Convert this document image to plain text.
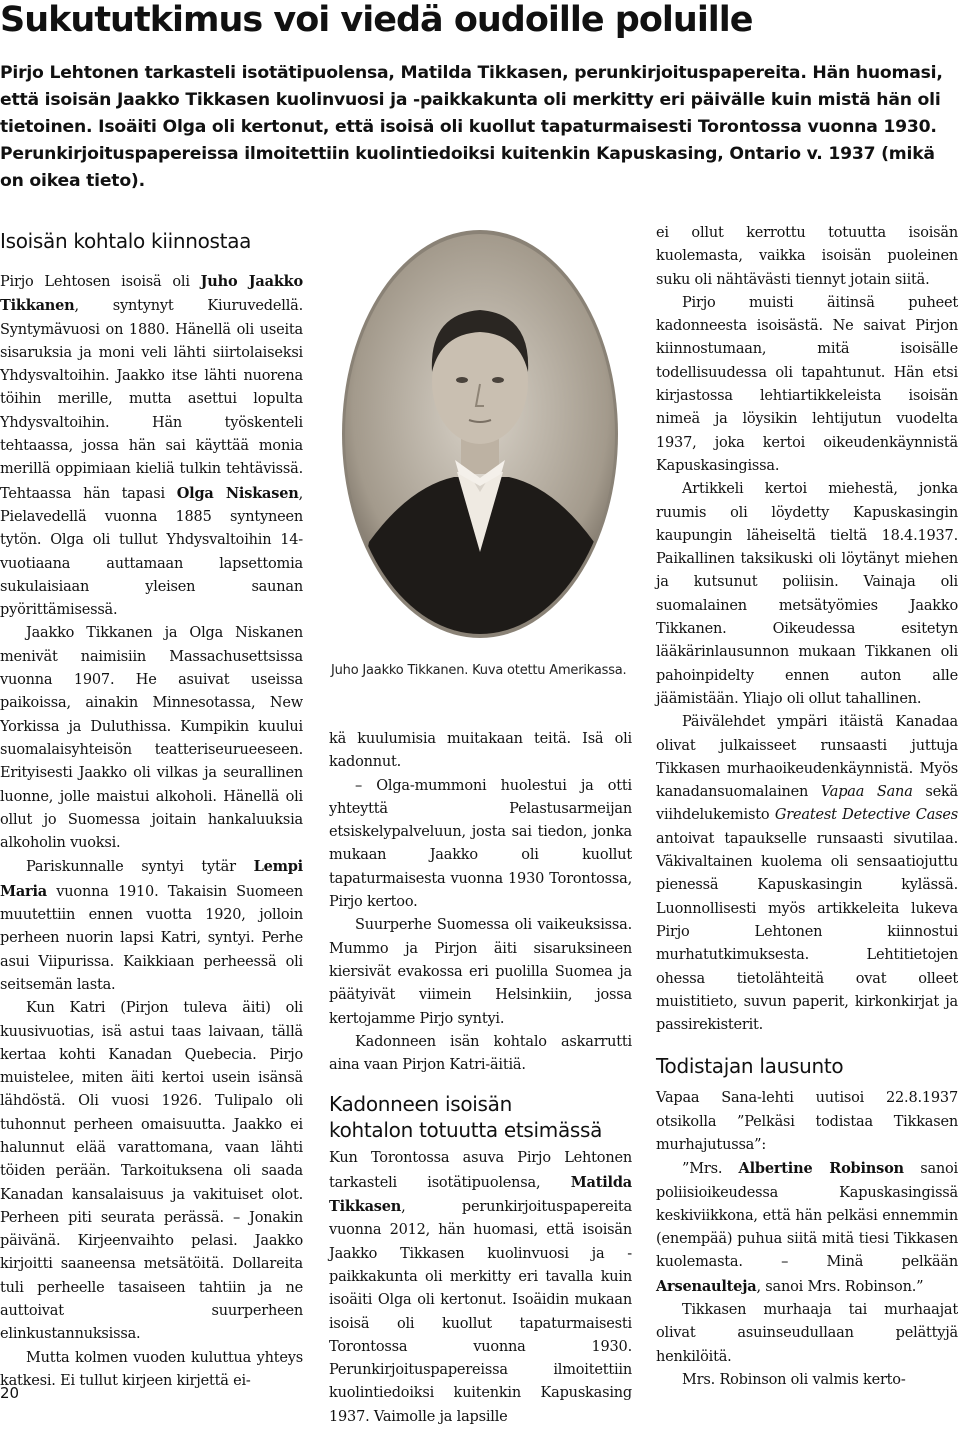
Sukututkimus voi viedä oudoille poluille

Pirjo Lehtonen tarkasteli isotätipuolensa, Matilda Tikkasen, perunkirjoituspapereita. Hän huomasi, että isoisän Jaakko Tikkasen kuolinvuosi ja -paikkakunta oli merkitty eri päivälle kuin mistä hän oli tietoinen. Isoäiti Olga oli kertonut, että isoisä oli kuollut tapaturmaisesti Torontossa vuonna 1930. Perunkirjoituspapereissa ilmoitettiin kuolintiedoiksi kuitenkin Kapuskasing, Ontario v. 1937 (mikä on oikea tieto).

Isoisän kohtalo kiinnostaa

Pirjo Lehtosen isoisä oli Juho Jaakko Tikkanen, syntynyt Kiuruvedellä. Syntymävuosi on 1880. Hänellä oli useita sisaruksia ja moni veli lähti siirtolaiseksi Yhdysvaltoihin. Jaakko itse lähti nuorena töihin merille, mutta asettui lopulta Yhdysvaltoihin. Hän työskenteli tehtaassa, jossa hän sai käyttää monia merillä oppimiaan kieliä tulkin tehtävissä. Tehtaassa hän tapasi Olga Niskasen, Pielavedellä vuonna 1885 syntyneen tytön. Olga oli tullut Yhdysvaltoihin 14-vuotiaana auttamaan lapsettomia sukulaisiaan yleisen saunan pyörittämisessä.

Jaakko Tikkanen ja Olga Niskanen menivät naimisiin Massachusettsissa vuonna 1907. He asuivat useissa paikoissa, ainakin Minnesotassa, New Yorkissa ja Duluthissa. Kumpikin kuului suomalaisyhteisön teatteriseurueeseen. Erityisesti Jaakko oli vilkas ja seurallinen luonne, jolle maistui alkoholi. Hänellä oli ollut jo Suomessa joitain hankaluuksia alkoholin vuoksi.

Pariskunnalle syntyi tytär Lempi Maria vuonna 1910. Takaisin Suomeen muutettiin ennen vuotta 1920, jolloin perheen nuorin lapsi Katri, syntyi. Perhe asui Viipurissa. Kaikkiaan perheessä oli seitsemän lasta.

Kun Katri (Pirjon tuleva äiti) oli kuusivuotias, isä astui taas laivaan, tällä kertaa kohti Kanadan Quebecia. Pirjo muistelee, miten äiti kertoi usein isänsä lähdöstä. Oli vuosi 1926. Tulipalo oli tuhonnut perheen omaisuutta. Jaakko ei halunnut elää varattomana, vaan lähti töiden perään. Tarkoituksena oli saada Kanadan kansalaisuus ja vakituiset olot. Perheen piti seurata perässä. – Jonakin päivänä. Kirjeenvaihto pelasi. Jaakko kirjoitti saaneensa metsätöitä. Dollareita tuli perheelle tasaiseen tahtiin ja ne auttoivat suurperheen elinkustannuksissa.

Mutta kolmen vuoden kuluttua yhteys katkesi. Ei tullut kirjeen kirjettä ei-

Juho Jaakko Tikkanen. Kuva otettu Amerikassa.

kä kuulumisia muitakaan teitä. Isä oli kadonnut.

– Olga-mummoni huolestui ja otti yhteyttä Pelastusarmeijan etsiskelypalveluun, josta sai tiedon, jonka mukaan Jaakko oli kuollut tapaturmaisesta vuonna 1930 Torontossa, Pirjo kertoo.

Suurperhe Suomessa oli vaikeuksissa. Mummo ja Pirjon äiti sisaruksineen kiersivät evakossa eri puolilla Suomea ja päätyivät viimein Helsinkiin, jossa kertojamme Pirjo syntyi.

Kadonneen isän kohtalo askarrutti aina vaan Pirjon Katri-äitiä.

Kadonneen isoisän
kohtalon totuutta etsimässä

Kun Torontossa asuva Pirjo Lehtonen tarkasteli isotätipuolensa, Matilda Tikkasen, perunkirjoituspapereita vuonna 2012, hän huomasi, että isoisän Jaakko Tikkasen kuolinvuosi ja -paikkakunta oli merkitty eri tavalla kuin isoäiti Olga oli kertonut. Isoäidin mukaan isoisä oli kuollut tapaturmaisesti Torontossa vuonna 1930. Perunkirjoituspapereissa ilmoitettiin kuolintiedoiksi kuitenkin Kapuskasing 1937. Vaimolle ja lapsille

ei ollut kerrottu totuutta isoisän kuolemasta, vaikka isoisän puoleinen suku oli nähtävästi tiennyt jotain siitä.

Pirjo muisti äitinsä puheet kadonneesta isoisästä. Ne saivat Pirjon kiinnostumaan, mitä isoisälle todellisuudessa oli tapahtunut. Hän etsi kirjastossa lehtiartikkeleista isoisän nimeä ja löysikin lehtijutun vuodelta 1937, joka kertoi oikeudenkäynnistä Kapuskasingissa.

Artikkeli kertoi miehestä, jonka ruumis oli löydetty Kapuskasingin kaupungin läheiseltä tieltä 18.4.1937. Paikallinen taksikuski oli löytänyt miehen ja kutsunut poliisin. Vainaja oli suomalainen metsätyömies Jaakko Tikkanen. Oikeudessa esitetyn lääkärinlausunnon mukaan Tikkanen oli pahoinpidelty ennen auton alle jäämistään. Yliajo oli ollut tahallinen.

Päivälehdet ympäri itäistä Kanadaa olivat julkaisseet runsaasti juttuja Tikkasen murhaoikeudenkäynnistä. Myös kanadansuomalainen Vapaa Sana sekä viihdelukemisto Greatest Detective Cases antoivat tapaukselle runsaasti sivutilaa. Väkivaltainen kuolema oli sensaatiojuttu pienessä Kapuskasingin kylässä. Luonnollisesti myös artikkeleita lukeva Pirjo Lehtonen kiinnostui murhatutkimuksesta. Lehtitietojen ohessa tietolähteitä ovat olleet muistitieto, suvun paperit, kirkonkirjat ja passirekisterit.

Todistajan lausunto

Vapaa Sana-lehti uutisoi 22.8.1937 otsikolla ”Pelkäsi todistaa Tikkasen murhajutussa”:

”Mrs. Albertine Robinson sanoi poliisioikeudessa Kapuskasingissä keskiviikkona, että hän pelkäsi ennemmin (enempää) puhua siitä mitä tiesi Tikkasen kuolemasta. – Minä pelkään Arsenaulteja, sanoi Mrs. Robinson.”

Tikkasen murhaaja tai murhaajat olivat asuinseudullaan pelättyjä henkilöitä.

Mrs. Robinson oli valmis kerto-

20
